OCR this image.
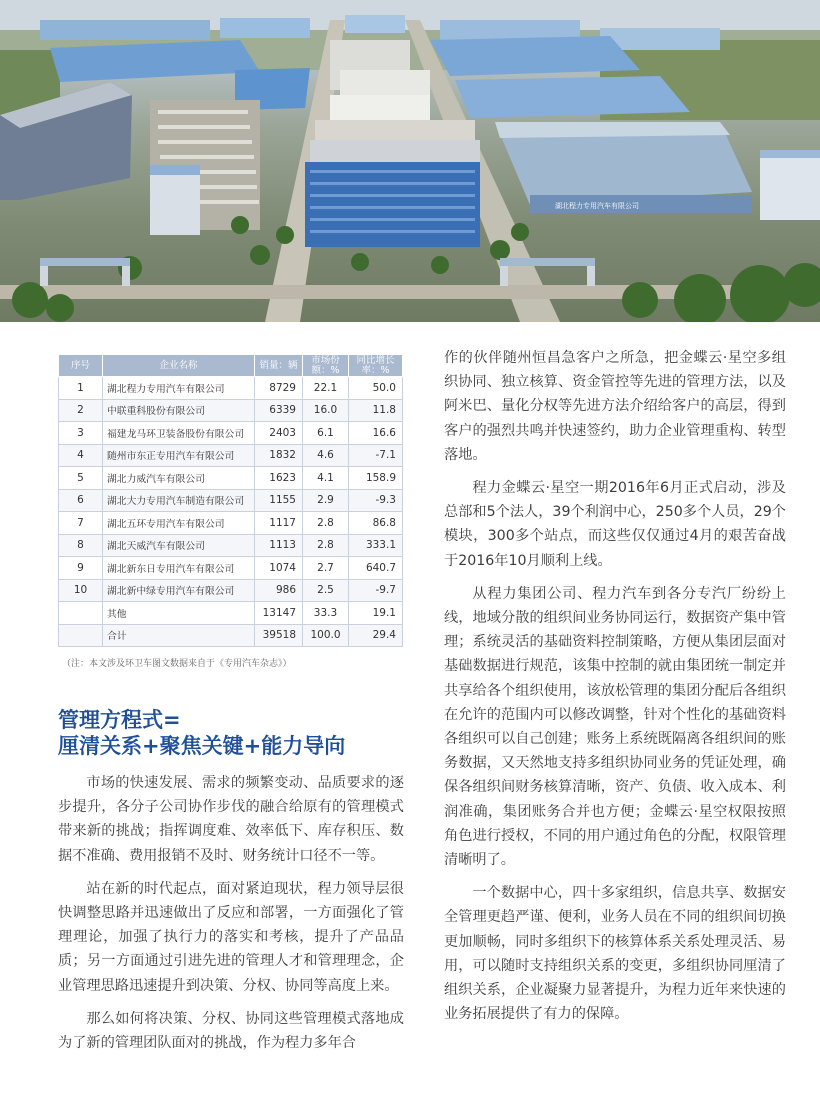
湖北程力专用汽车有限公司
序号	企业名称	销量：辆	市场份额：%	同比增长率：%
1	湖北程力专用汽车有限公司	8729	22.1	50.0
2	中联重科股份有限公司	6339	16.0	11.8
3	福建龙马环卫装备股份有限公司	2403	6.1	16.6
4	随州市东正专用汽车有限公司	1832	4.6	-7.1
5	湖北力威汽车有限公司	1623	4.1	158.9
6	湖北大力专用汽车制造有限公司	1155	2.9	-9.3
7	湖北五环专用汽车有限公司	1117	2.8	86.8
8	湖北天威汽车有限公司	1113	2.8	333.1
9	湖北新东日专用汽车有限公司	1074	2.7	640.7
10	湖北新中绿专用汽车有限公司	986	2.5	-9.7
	其他	13147	33.3	19.1
	合计	39518	100.0	29.4
（注：本文涉及环卫车图文数据来自于《专用汽车杂志》）
管理方程式=
厘清关系+聚焦关键+能力导向

市场的快速发展、需求的频繁变动、品质要求的逐步提升，各分子公司协作步伐的融合给原有的管理模式带来新的挑战；指挥调度难、效率低下、库存积压、数据不准确、费用报销不及时、财务统计口径不一等。

站在新的时代起点，面对紧迫现状，程力领导层很快调整思路并迅速做出了反应和部署，一方面强化了管理理论，加强了执行力的落实和考核，提升了产品品质；另一方面通过引进先进的管理人才和管理理念，企业管理思路迅速提升到决策、分权、协同等高度上来。

那么如何将决策、分权、协同这些管理模式落地成为了新的管理团队面对的挑战，作为程力多年合

作的伙伴随州恒昌急客户之所急，把金蝶云·星空多组织协同、独立核算、资金管控等先进的管理方法，以及阿米巴、量化分权等先进方法介绍给客户的高层，得到客户的强烈共鸣并快速签约，助力企业管理重构、转型落地。

程力金蝶云·星空一期2016年6月正式启动，涉及总部和5个法人，39个利润中心，250多个人员，29个模块，300多个站点，而这些仅仅通过4月的艰苦奋战于2016年10月顺利上线。

从程力集团公司、程力汽车到各分专汽厂纷纷上线，地域分散的组织间业务协同运行，数据资产集中管理；系统灵活的基础资料控制策略，方便从集团层面对基础数据进行规范，该集中控制的就由集团统一制定并共享给各个组织使用，该放松管理的集团分配后各组织在允许的范围内可以修改调整，针对个性化的基础资料各组织可以自己创建；账务上系统既隔离各组织间的账务数据，又天然地支持多组织协同业务的凭证处理，确保各组织间财务核算清晰，资产、负债、收入成本、利润准确，集团账务合并也方便；金蝶云·星空权限按照角色进行授权，不同的用户通过角色的分配，权限管理清晰明了。

一个数据中心，四十多家组织，信息共享、数据安全管理更趋严谨、便利，业务人员在不同的组织间切换更加顺畅，同时多组织下的核算体系关系处理灵活、易用，可以随时支持组织关系的变更，多组织协同厘清了组织关系，企业凝聚力显著提升，为程力近年来快速的业务拓展提供了有力的保障。
